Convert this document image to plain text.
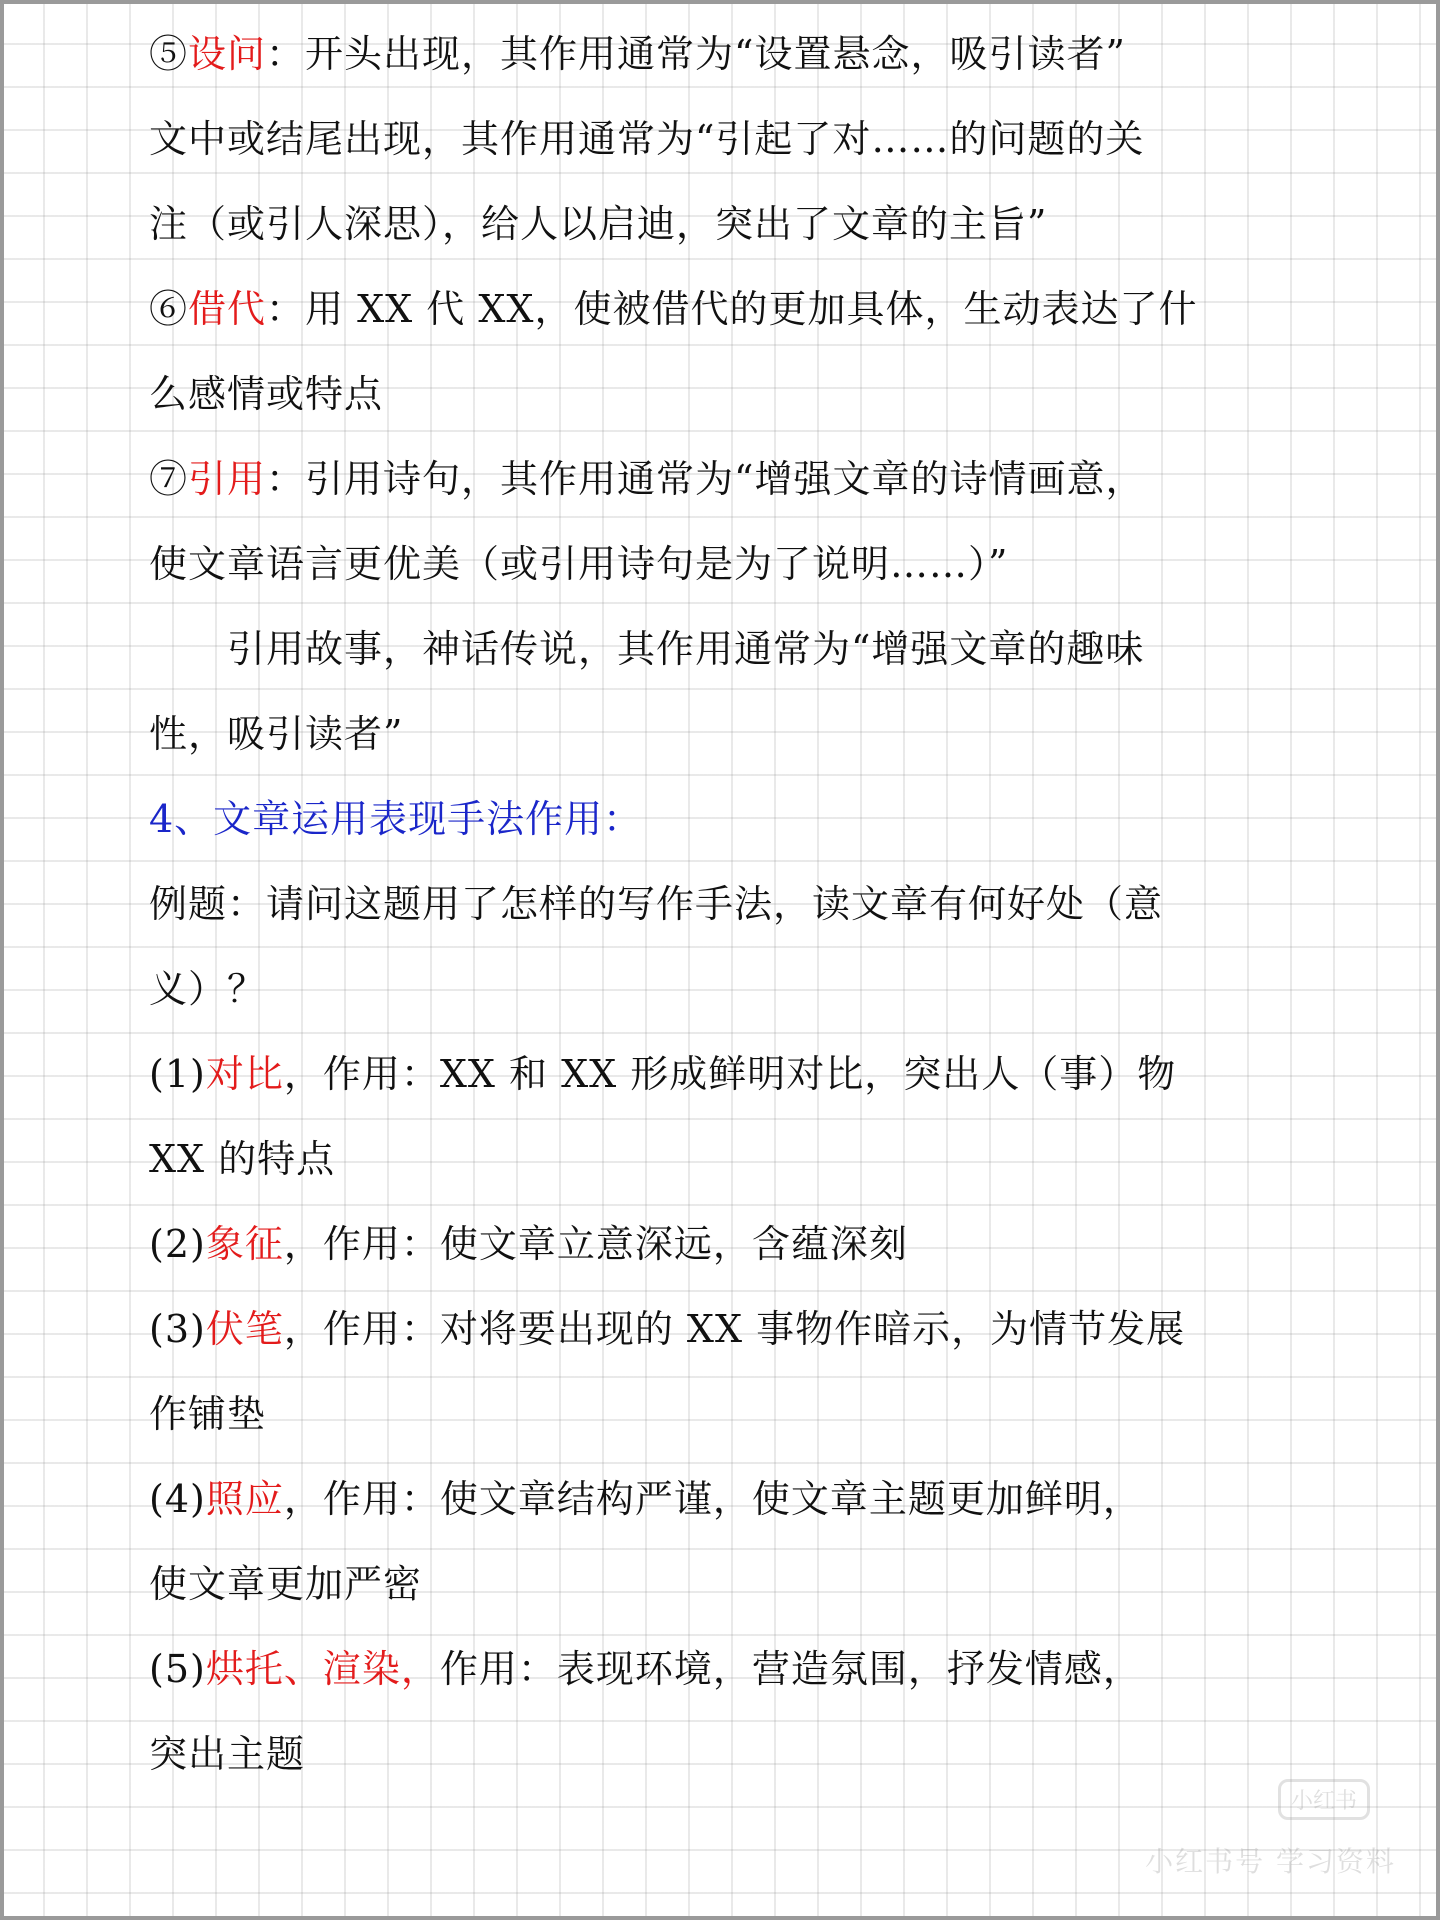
⑤设问：开头出现，其作用通常为“设置悬念，吸引读者”
文中或结尾出现，其作用通常为“引起了对……的问题的关
注（或引人深思），给人以启迪，突出了文章的主旨”
⑥借代：用 XX 代 XX，使被借代的更加具体，生动表达了什
么感情或特点
⑦引用：引用诗句，其作用通常为“增强文章的诗情画意，
使文章语言更优美（或引用诗句是为了说明……）”
引用故事，神话传说，其作用通常为“增强文章的趣味
性，吸引读者”
4、文章运用表现手法作用：
例题：请问这题用了怎样的写作手法，读文章有何好处（意
义）？
(1)对比，作用：XX 和 XX 形成鲜明对比，突出人（事）物
XX 的特点
(2)象征，作用：使文章立意深远，含蕴深刻
(3)伏笔，作用：对将要出现的 XX 事物作暗示，为情节发展
作铺垫
(4)照应，作用：使文章结构严谨，使文章主题更加鲜明，
使文章更加严密
(5)烘托、渲染，作用：表现环境，营造氛围，抒发情感，
突出主题
小红书
小红书号 学习资料
